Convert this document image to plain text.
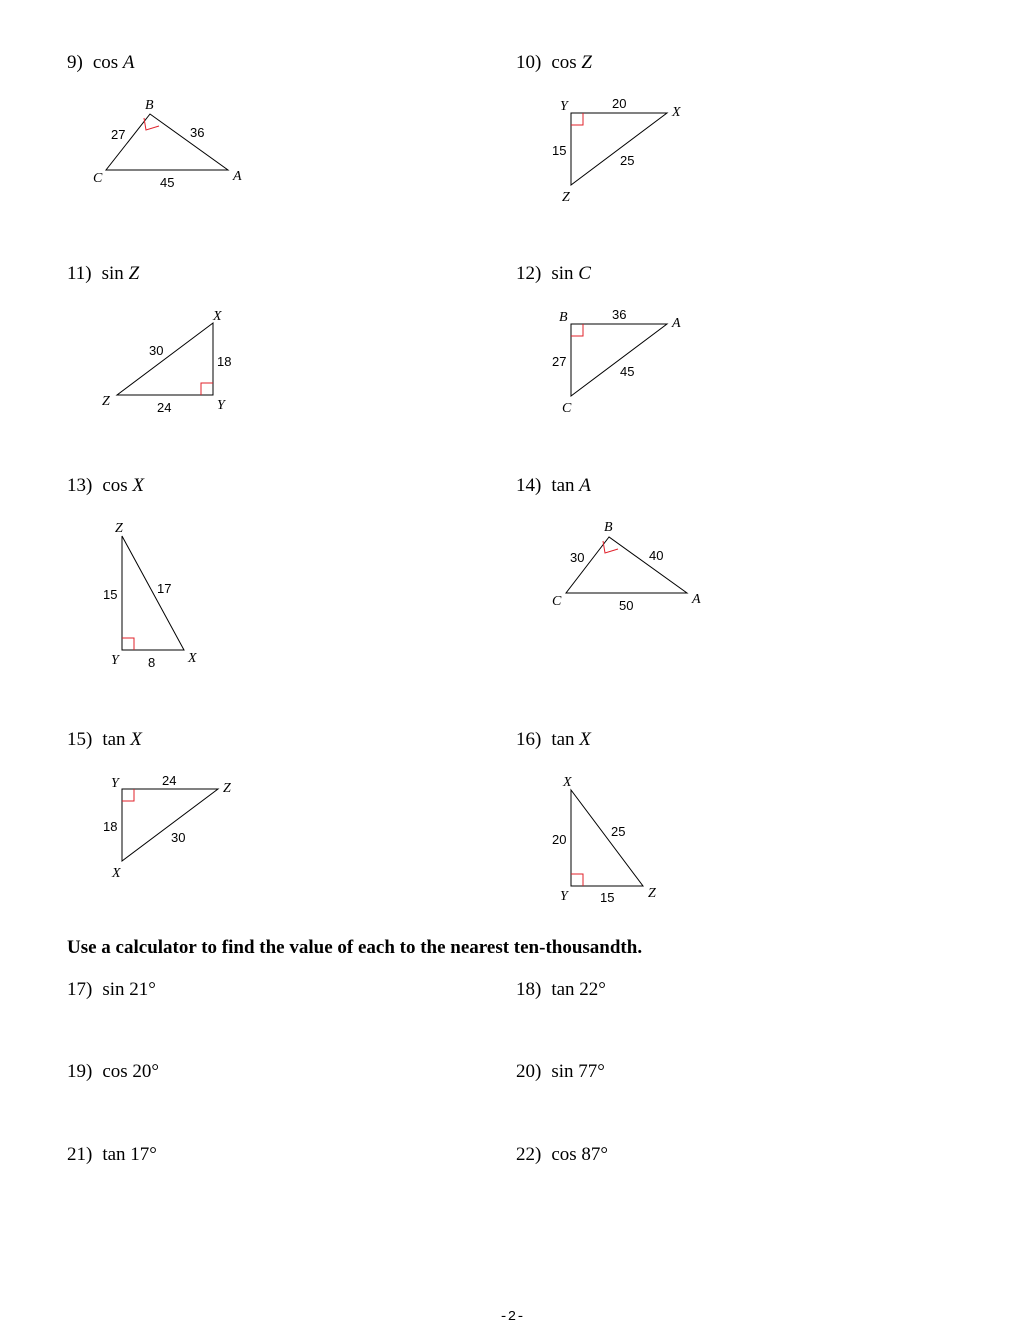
9) cos A
B
C	A
27	36
45
10) cos Z
Y	X
Z
20
15
25
11) sin Z
X
Z	Y
30
18
24
12) sin C
B	A
C
36
27
45
13) cos X
Z
Y	X
15	17
8
14) tan A
B
C	A
30	40
50
15) tan X
Y	Z
X
24
18
30
16) tan X
X
Y	Z
20
25
15
Use a calculator to find the value of each to the nearest ten-thousandth.
17) sin 21°	18) tan 22°
19) cos 20°	20) sin 77°
21) tan 17°	22) cos 87°
-2-
